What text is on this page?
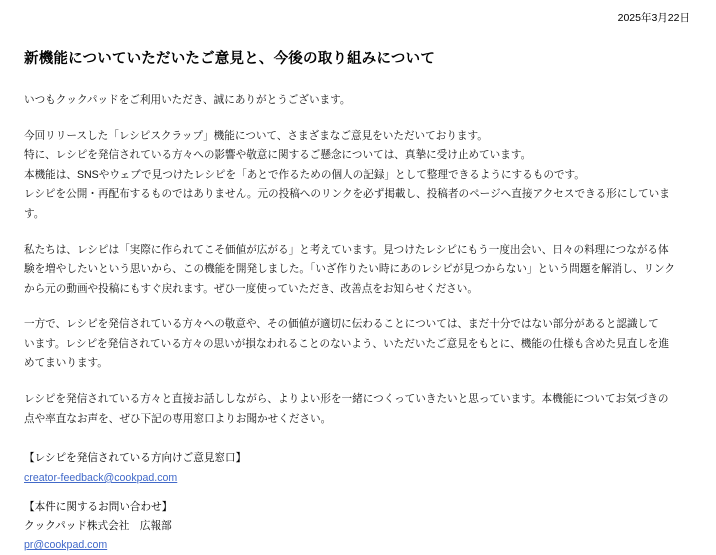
2025年3月22日
新機能についていただいたご意見と、今後の取り組みについて

いつもクックパッドをご利用いただき、誠にありがとうございます。

今回リリースした「レシピスクラップ」機能について、さまざまなご意見をいただいております。
特に、レシピを発信されている方々への影響や敬意に関するご懸念については、真摯に受け止めています。
本機能は、SNSやウェブで見つけたレシピを「あとで作るための個人の記録」として整理できるようにするものです。
レシピを公開・再配布するものではありません。元の投稿へのリンクを必ず掲載し、投稿者のページへ直接アクセスできる形にしていま
す。

私たちは、レシピは「実際に作られてこそ価値が広がる」と考えています。見つけたレシピにもう一度出会い、日々の料理につながる体
験を増やしたいという思いから、この機能を開発しました。「いざ作りたい時にあのレシピが見つからない」という問題を解消し、リンク
から元の動画や投稿にもすぐ戻れます。ぜひ一度使っていただき、改善点をお知らせください。

一方で、レシピを発信されている方々への敬意や、その価値が適切に伝わることについては、まだ十分ではない部分があると認識して
います。レシピを発信されている方々の思いが損なわれることのないよう、いただいたご意見をもとに、機能の仕様も含めた見直しを進
めてまいります。

レシピを発信されている方々と直接お話ししながら、よりよい形を一緒につくっていきたいと思っています。本機能についてお気づきの
点や率直なお声を、ぜひ下記の専用窓口よりお聞かせください。

【レシピを発信されている方向けご意見窓口】
creator-feedback@cookpad.com
【本件に関するお問い合わせ】
クックパッド株式会社　広報部
pr@cookpad.com
